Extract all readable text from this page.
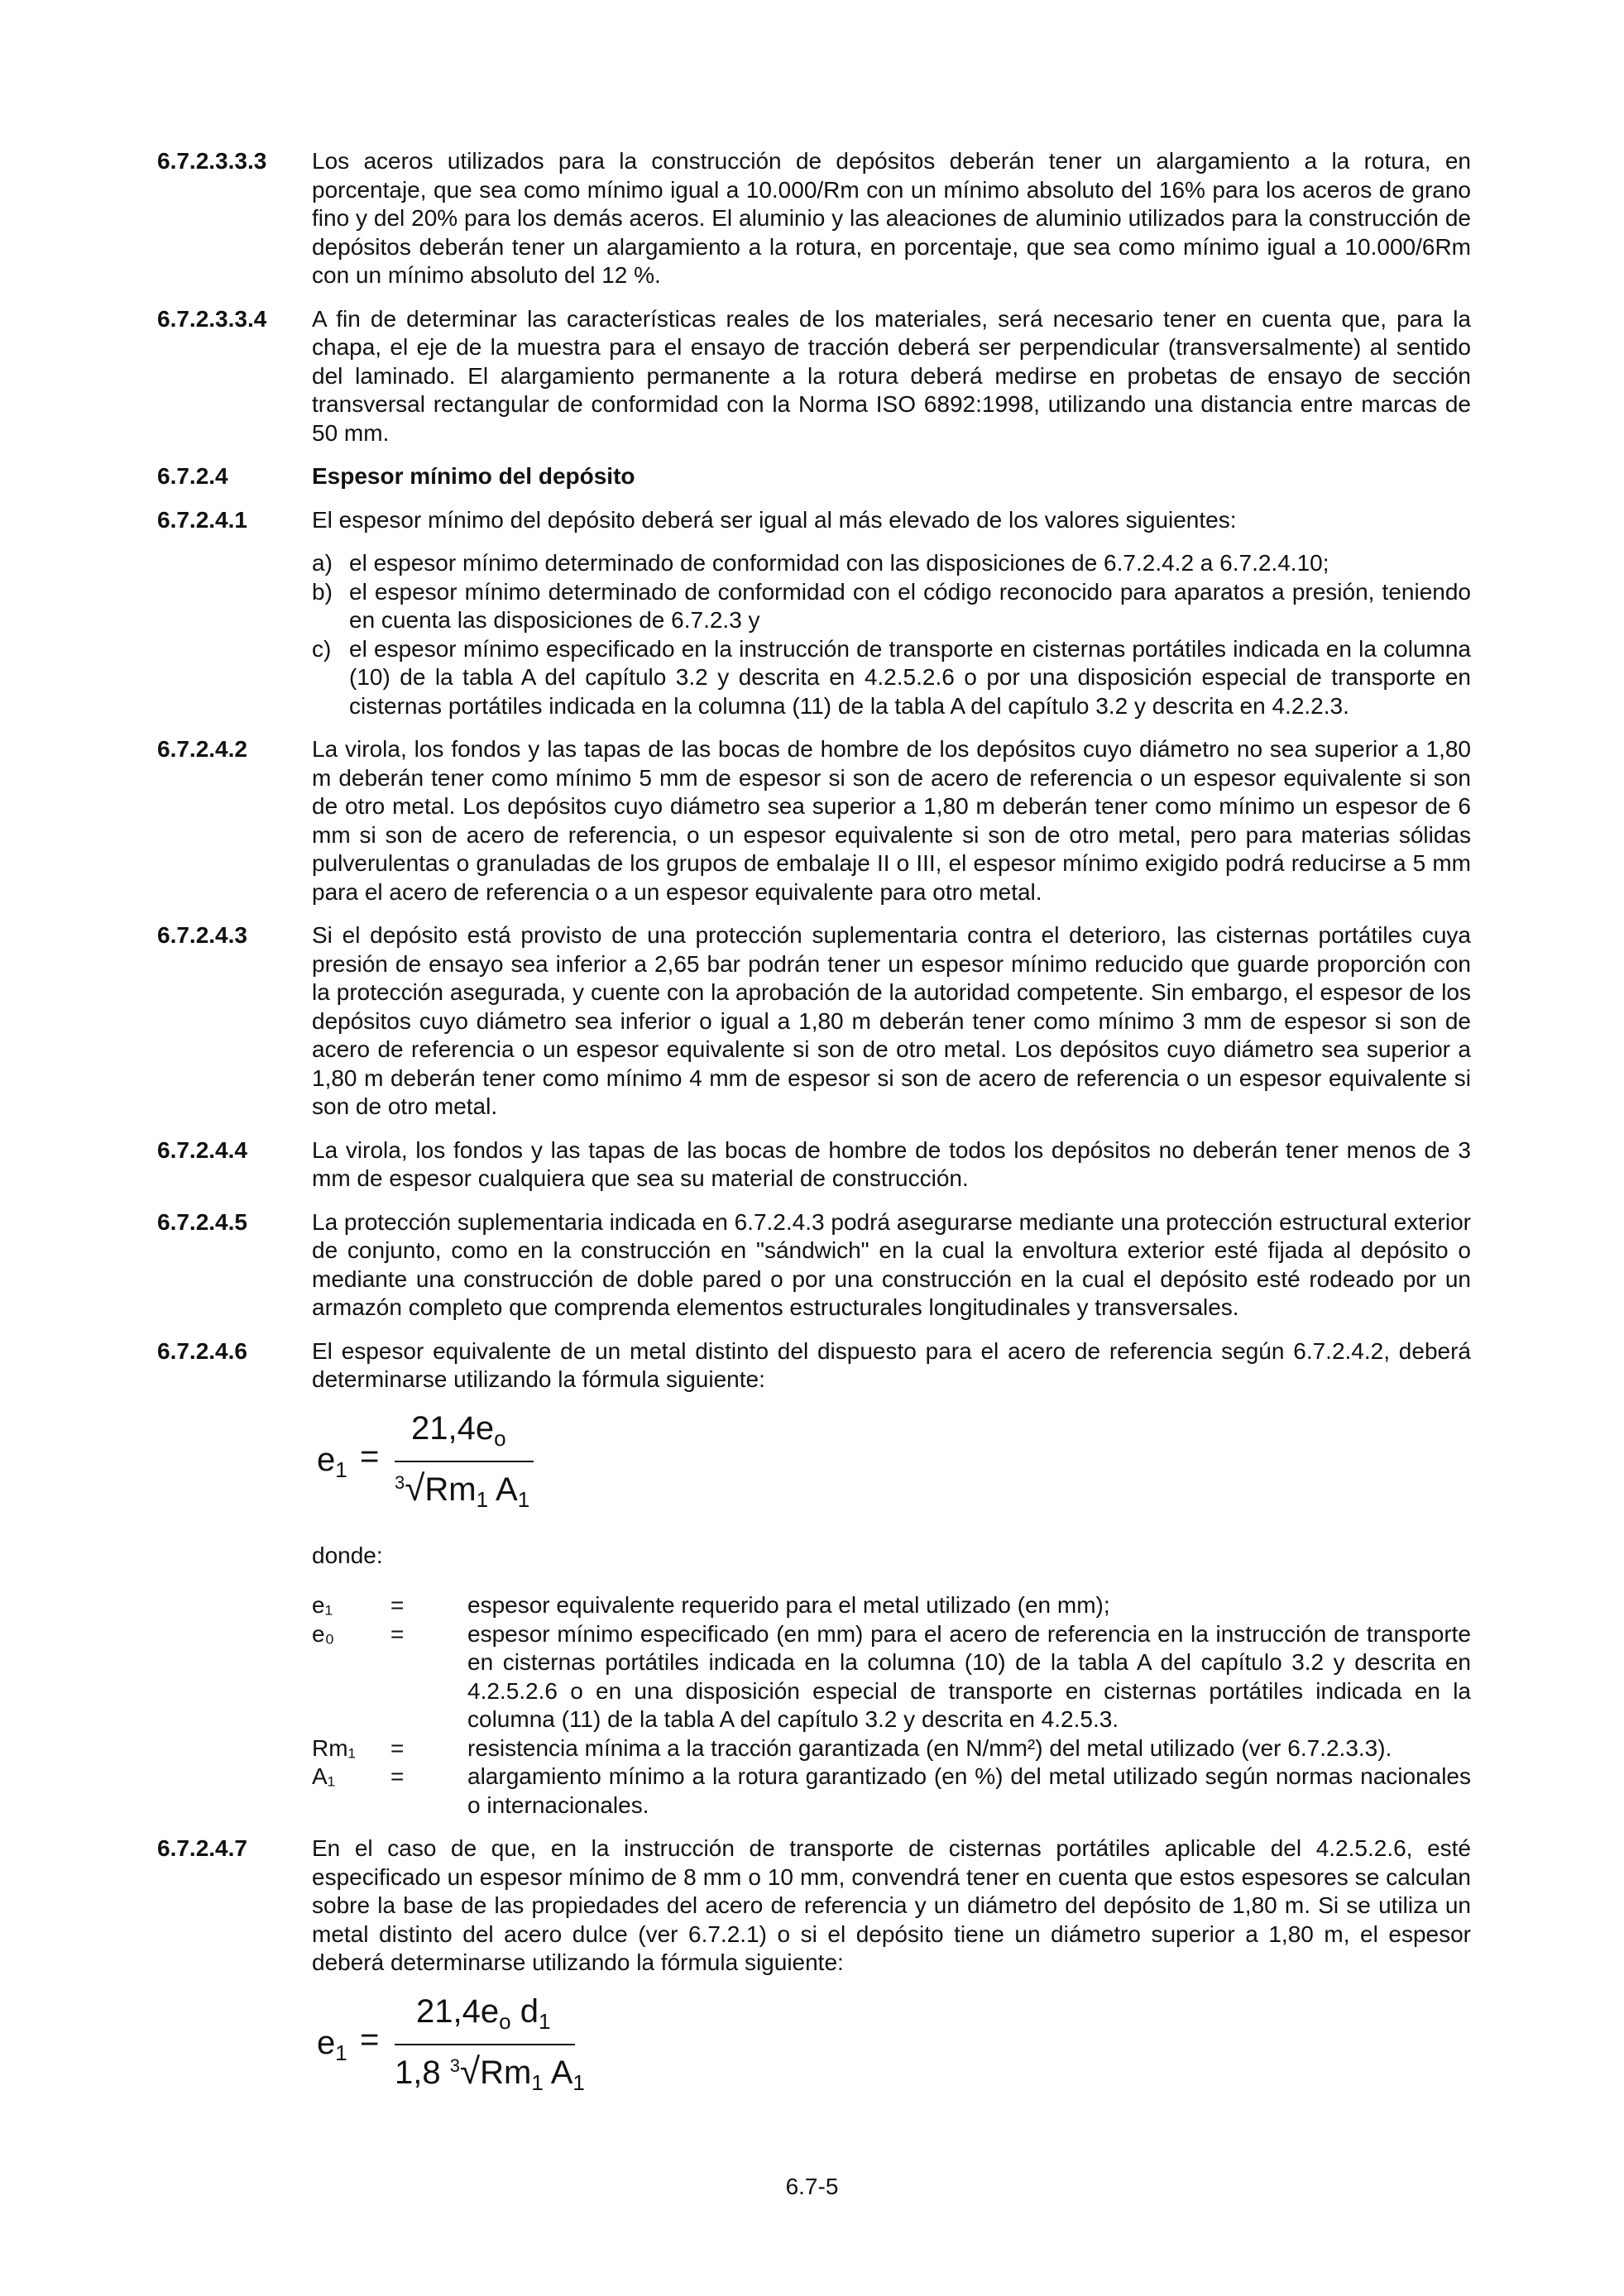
6.7.2.3.3.3	Los aceros utilizados para la construcción de depósitos deberán tener un alargamiento a la rotura, en porcentaje, que sea como mínimo igual a 10.000/Rm con un mínimo absoluto del 16% para los aceros de grano fino y del 20% para los demás aceros. El aluminio y las aleaciones de aluminio utilizados para la construcción de depósitos deberán tener un alargamiento a la rotura, en porcentaje, que sea como mínimo igual a 10.000/6Rm con un mínimo absoluto del 12 %.
6.7.2.3.3.4	A fin de determinar las características reales de los materiales, será necesario tener en cuenta que, para la chapa, el eje de la muestra para el ensayo de tracción deberá ser perpendicular (transversalmente) al sentido del laminado. El alargamiento permanente a la rotura deberá medirse en probetas de ensayo de sección transversal rectangular de conformidad con la Norma ISO 6892:1998, utilizando una distancia entre marcas de 50 mm.
6.7.2.4	Espesor mínimo del depósito
6.7.2.4.1	El espesor mínimo del depósito deberá ser igual al más elevado de los valores siguientes:
a) el espesor mínimo determinado de conformidad con las disposiciones de 6.7.2.4.2 a 6.7.2.4.10;
b) el espesor mínimo determinado de conformidad con el código reconocido para aparatos a presión, teniendo en cuenta las disposiciones de 6.7.2.3 y
c) el espesor mínimo especificado en la instrucción de transporte en cisternas portátiles indicada en la columna (10) de la tabla A del capítulo 3.2 y descrita en 4.2.5.2.6 o por una disposición especial de transporte en cisternas portátiles indicada en la columna (11) de la tabla A del capítulo 3.2 y descrita en 4.2.2.3.
6.7.2.4.2	La virola, los fondos y las tapas de las bocas de hombre de los depósitos cuyo diámetro no sea superior a 1,80 m deberán tener como mínimo 5 mm de espesor si son de acero de referencia o un espesor equivalente si son de otro metal. Los depósitos cuyo diámetro sea superior a 1,80 m deberán tener como mínimo un espesor de 6 mm si son de acero de referencia, o un espesor equivalente si son de otro metal, pero para materias sólidas pulverulentas o granuladas de los grupos de embalaje II o III, el espesor mínimo exigido podrá reducirse a 5 mm para el acero de referencia o a un espesor equivalente para otro metal.
6.7.2.4.3	Si el depósito está provisto de una protección suplementaria contra el deterioro, las cisternas portátiles cuya presión de ensayo sea inferior a 2,65 bar podrán tener un espesor mínimo reducido que guarde proporción con la protección asegurada, y cuente con la aprobación de la autoridad competente. Sin embargo, el espesor de los depósitos cuyo diámetro sea inferior o igual a 1,80 m deberán tener como mínimo 3 mm de espesor si son de acero de referencia o un espesor equivalente si son de otro metal. Los depósitos cuyo diámetro sea superior a 1,80 m deberán tener como mínimo 4 mm de espesor si son de acero de referencia o un espesor equivalente si son de otro metal.
6.7.2.4.4	La virola, los fondos y las tapas de las bocas de hombre de todos los depósitos no deberán tener menos de 3 mm de espesor cualquiera que sea su material de construcción.
6.7.2.4.5	La protección suplementaria indicada en 6.7.2.4.3 podrá asegurarse mediante una protección estructural exterior de conjunto, como en la construcción en "sándwich" en la cual la envoltura exterior esté fijada al depósito o mediante una construcción de doble pared o por una construcción en la cual el depósito esté rodeado por un armazón completo que comprenda elementos estructurales longitudinales y transversales.
6.7.2.4.6	El espesor equivalente de un metal distinto del dispuesto para el acero de referencia según 6.7.2.4.2, deberá determinarse utilizando la fórmula siguiente:
$e_1$ =
$21,4e_o$
$^3√Rm_1$ $A_1$
donde:
e₁	=	espesor equivalente requerido para el metal utilizado (en mm);
e₀	=	espesor mínimo especificado (en mm) para el acero de referencia en la instrucción de transporte en cisternas portátiles indicada en la columna (10) de la tabla A del capítulo 3.2 y descrita en 4.2.5.2.6 o en una disposición especial de transporte en cisternas portátiles indicada en la columna (11) de la tabla A del capítulo 3.2 y descrita en 4.2.5.3.
Rm₁	=	resistencia mínima a la tracción garantizada (en N/mm²) del metal utilizado (ver 6.7.2.3.3).
A₁	=	alargamiento mínimo a la rotura garantizado (en %) del metal utilizado según normas nacionales o internacionales.
6.7.2.4.7	En el caso de que, en la instrucción de transporte de cisternas portátiles aplicable del 4.2.5.2.6, esté especificado un espesor mínimo de 8 mm o 10 mm, convendrá tener en cuenta que estos espesores se calculan sobre la base de las propiedades del acero de referencia y un diámetro del depósito de 1,80 m. Si se utiliza un metal distinto del acero dulce (ver 6.7.2.1) o si el depósito tiene un diámetro superior a 1,80 m, el espesor deberá determinarse utilizando la fórmula siguiente:
$e_1$ =
$21,4e_o$ $d_1$
1,8 $^3√Rm_1$ $A_1$
6.7-5
